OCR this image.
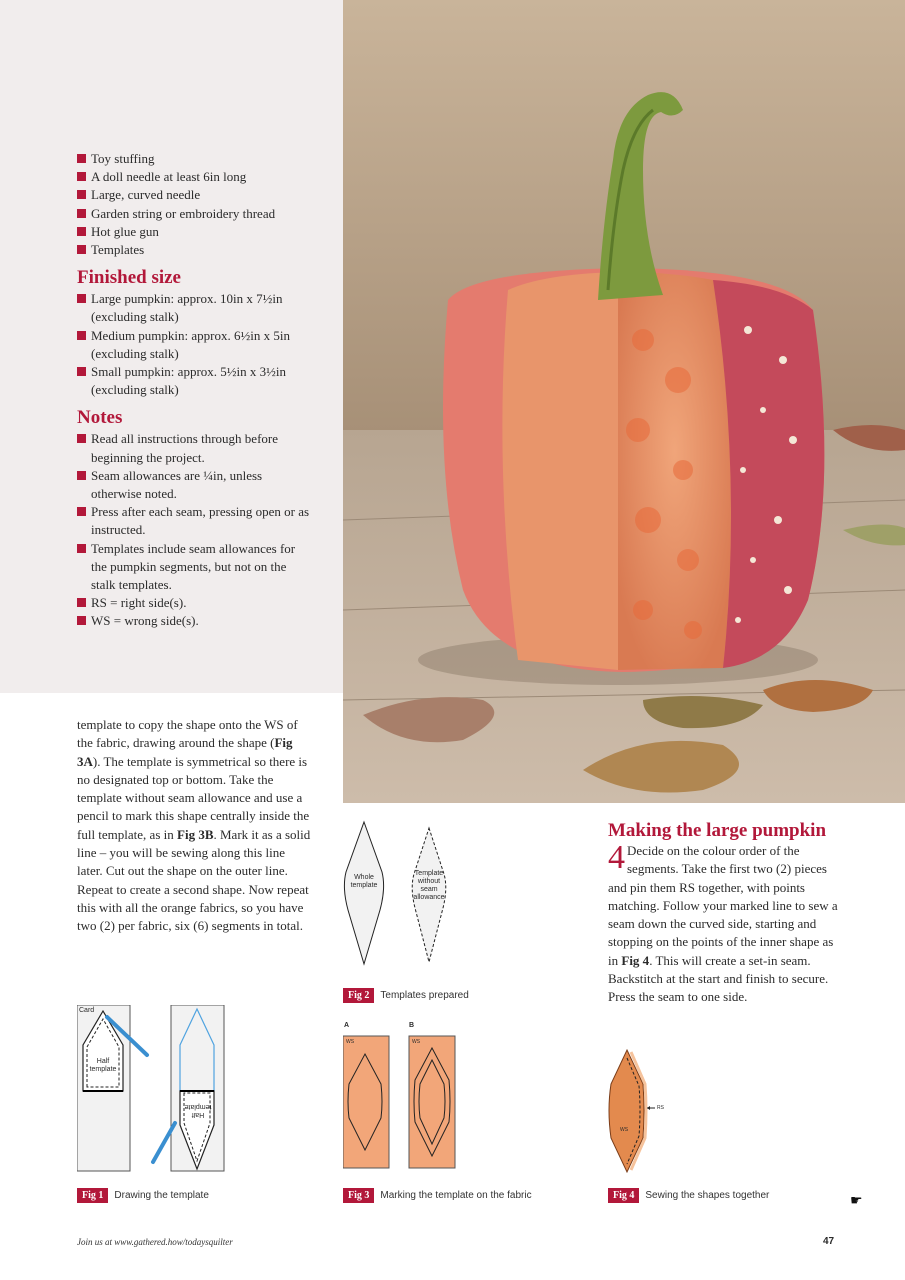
Toy stuffing
A doll needle at least 6in long
Large, curved needle
Garden string or embroidery thread
Hot glue gun
Templates
Finished size
Large pumpkin: approx. 10in x 7½in (excluding stalk)
Medium pumpkin: approx. 6½in x 5in (excluding stalk)
Small pumpkin: approx. 5½in x 3½in (excluding stalk)
Notes
Read all instructions through before beginning the project.
Seam allowances are ¼in, unless otherwise noted.
Press after each seam, pressing open or as instructed.
Templates include seam allowances for the pumpkin segments, but not on the stalk templates.
RS = right side(s).
WS = wrong side(s).
template to copy the shape onto the WS of the fabric, drawing around the shape (Fig 3A). The template is symmetrical so there is no designated top or bottom. Take the template without seam allowance and use a pencil to mark this shape centrally inside the full template, as in Fig 3B. Mark it as a solid line – you will be sewing along this line later. Cut out the shape on the outer line. Repeat to create a second shape. Now repeat this with all the orange fabrics, so you have two (2) per fabric, six (6) segments in total.
Making the large pumpkin
4 Decide on the colour order of the segments. Take the first two (2) pieces and pin them RS together, with points matching. Follow your marked line to sew a seam down the curved side, starting and stopping on the points of the inner shape as in Fig 4. This will create a set-in seam. Backstitch at the start and finish to secure. Press the seam to one side.
Card
Half
template
Half
template
Fig 1 Drawing the template
Whole
template
Template
without
seam
allowance
Fig 2 Templates prepared
A	B
WS	WS
Fig 3 Marking the template on the fabric
WS
RS
Fig 4 Sewing the shapes together	☛
Join us at www.gathered.how/todaysquilter	47
